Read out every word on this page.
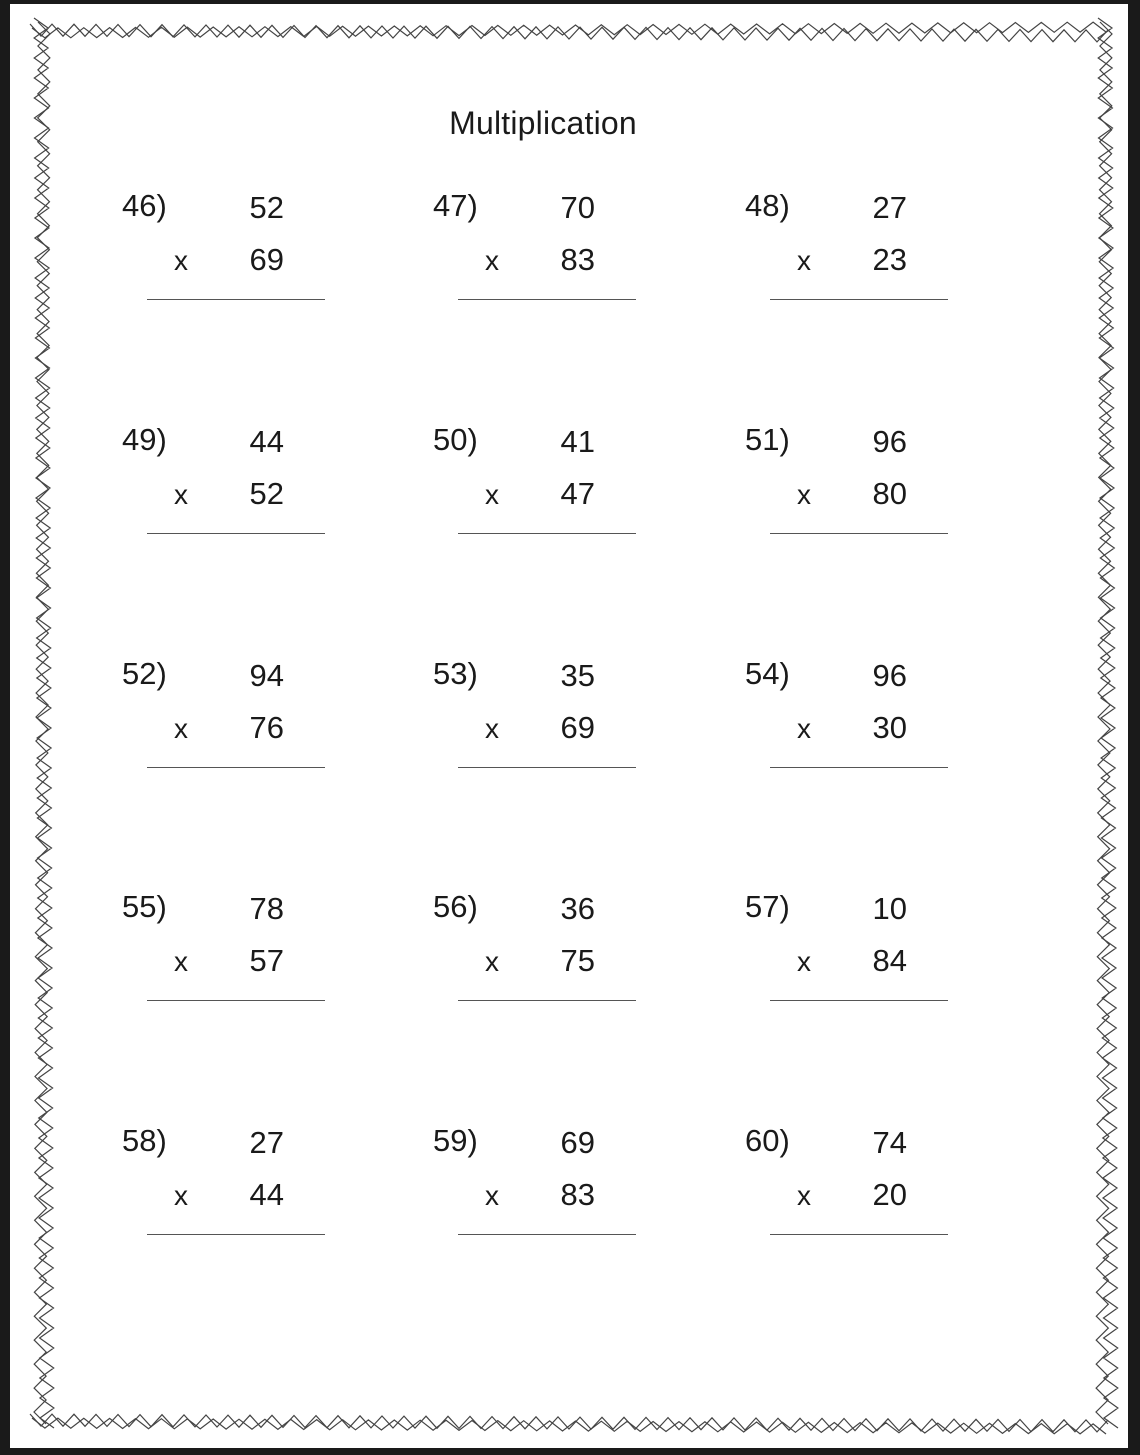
Multiplication
46)	52
x 69
47)	70
x 83
48)	27
x 23
49)	44
x 52
50)	41
x 47
51)	96
x 80
52)	94
x 76
53)	35
x 69
54)	96
x 30
55)	78
x 57
56)	36
x 75
57)	10
x 84
58)	27
x 44
59)	69
x 83
60)	74
x 20
